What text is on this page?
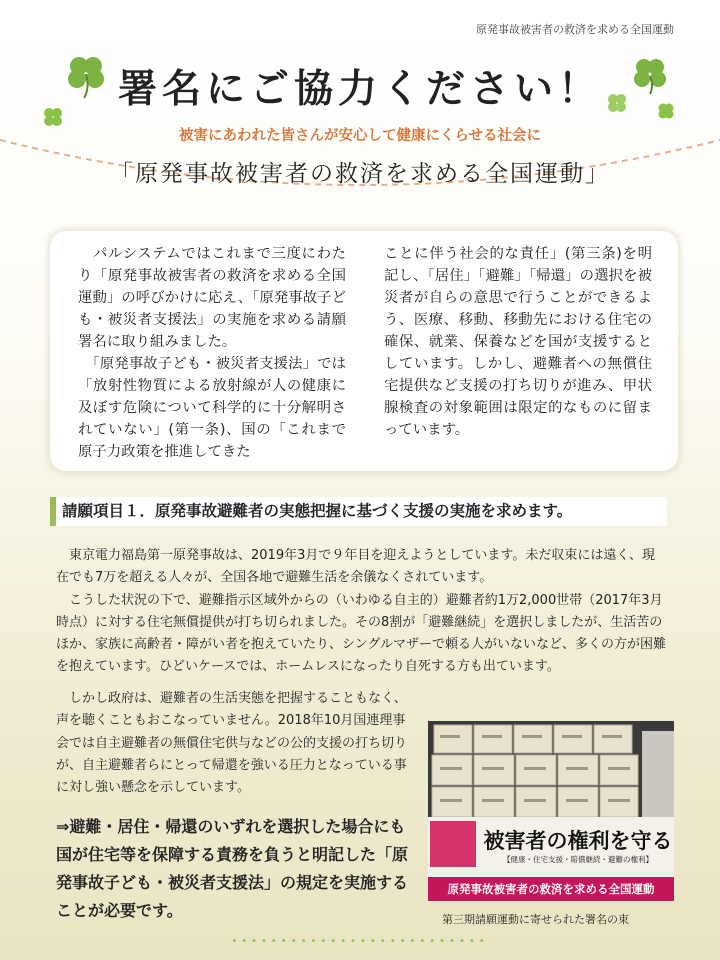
原発事故被害者の救済を求める全国運動
署名にご協力ください！
被害にあわれた皆さんが安心して健康にくらせる社会に
「原発事故被害者の救済を求める全国運動」

　パルシステムではこれまで三度にわたり「原発事故被害者の救済を求める全国運動」の呼びかけに応え、「原発事故子ども・被災者支援法」の実施を求める請願署名に取り組みました。
　「原発事故子ども・被災者支援法」では「放射性物質による放射線が人の健康に及ぼす危険について科学的に十分解明されていない」(第一条)、国の「これまで原子力政策を推進してきた

ことに伴う社会的な責任」(第三条)を明記し、「居住」「避難」「帰還」の選択を被災者が自らの意思で行うことができるよう、医療、移動、移動先における住宅の確保、就業、保養などを国が支援するとしています。しかし、避難者への無償住宅提供など支援の打ち切りが進み、甲状腺検査の対象範囲は限定的なものに留まっています。

請願項目１．原発事故避難者の実態把握に基づく支援の実施を求めます。

　東京電力福島第一原発事故は、2019年3月で９年目を迎えようとしています。未だ収束には遠く、現在でも7万を超える人々が、全国各地で避難生活を余儀なくされています。

　こうした状況の下で、避難指示区域外からの（いわゆる自主的）避難者約1万2,000世帯（2017年3月時点）に対する住宅無償提供が打ち切られました。その8割が「避難継続」を選択しましたが、生活苦のほか、家族に高齢者・障がい者を抱えていたり、シングルマザーで頼る人がいないなど、多くの方が困難を抱えています。ひどいケースでは、ホームレスになったり自死する方も出ています。

　しかし政府は、避難者の生活実態を把握することもなく、声を聴くこともおこなっていません。2018年10月国連理事会では自主避難者の無償住宅供与などの公的支援の打ち切りが、自主避難者らにとって帰還を強いる圧力となっている事に対し強い懸念を示しています。
⇒避難・居住・帰還のいずれを選択した場合にも国が住宅等を保障する責務を負うと明記した「原発事故子ども・被災者支援法」の規定を実施することが必要です。
被害者の権利を守る
【健康・住宅支援・賠償継続・避難の権利】
原発事故被害者の救済を求める全国運動
第三期請願運動に寄せられた署名の束
••••••••••••••••••••••••••
